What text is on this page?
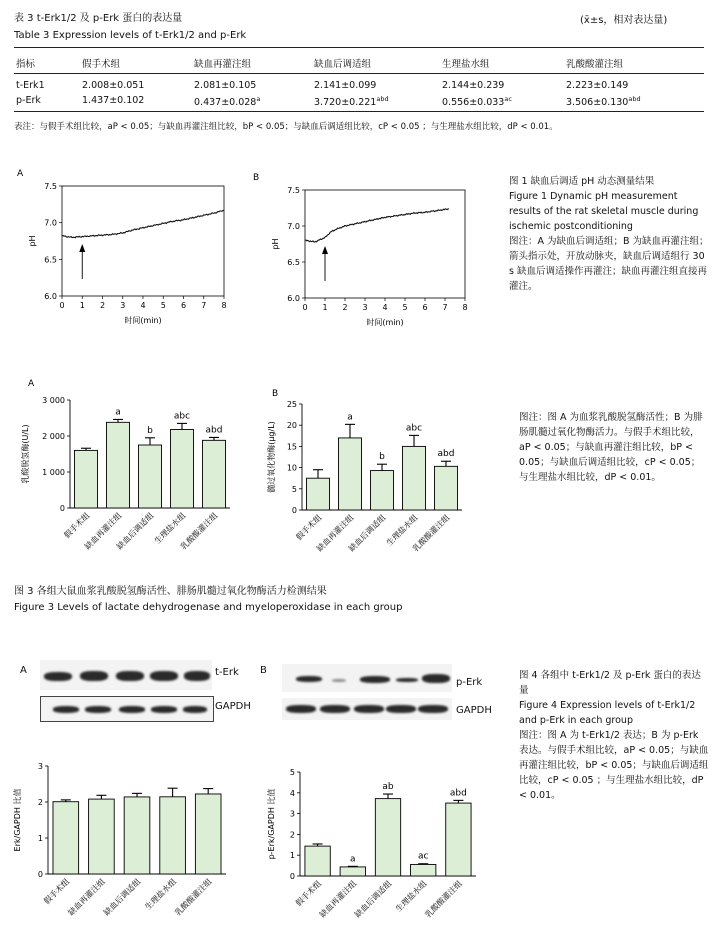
表 3 t-Erk1/2 及 p-Erk 蛋白的表达量
Table 3 Expression levels of t-Erk1/2 and p-Erk
(x̄±s，相对表达量)
指标	假手术组	缺血再灌注组	缺血后调适组	生理盐水组	乳酸酸灌注组
t-Erk1	2.008±0.051	2.081±0.105	2.141±0.099	2.144±0.239	2.223±0.149
p-Erk	1.437±0.102	0.437±0.028$^a$	3.720±0.221$^{abd}$	0.556±0.033$^{ac}$	3.506±0.130$^{abd}$
表注：与假手术组比较，aP < 0.05；与缺血再灌注组比较，bP < 0.05；与缺血后调适组比较，cP < 0.05 ；与生理盐水组比较，dP < 0.01。
A
0 1 2 3 4 5 6 7 8
6.0
6.5
7.0
7.5
时间(min)
pH
B
0 1 2 3 4 5 6 7 8
6.0
6.5
7.0
7.5
时间(min)
pH
图 1 缺血后调适 pH 动态测量结果
Figure 1 Dynamic pH measurement results of the rat skeletal muscle during ischemic postconditioning
图注：A 为缺血后调适组；B 为缺血再灌注组；箭头指示处，开放动脉夹，缺血后调适组行 30 s 缺血后调适操作再灌注；缺血再灌注组直接再灌注。
A
0
1 000
2 000
3 000
乳酸脱氢酶(U/L)
假手术组
a
缺血再灌注组
b
缺血后调适组
abc
生理盐水组
abd
乳酸酸灌注组
B
0
5
10
15
20
25
髓过氧化物酶(μg/L)
假手术组
a
缺血再灌注组
b
缺血后调适组
abc
生理盐水组
abd
乳酸酸灌注组
图注：图 A 为血浆乳酸脱氢酶活性；B 为腓肠肌髓过氧化物酶活力。与假手术组比较，aP < 0.05；与缺血再灌注组比较，bP < 0.05；与缺血后调适组比较，cP < 0.05；与生理盐水组比较，dP < 0.01。
图 3 各组大鼠血浆乳酸脱氢酶活性、腓肠肌髓过氧化物酶活力检测结果
Figure 3 Levels of lactate dehydrogenase and myeloperoxidase in each group
A	B
t-Erk
GAPDH
p-Erk
GAPDH
0
1
2
3
Erk/GAPDH 比值
假手术组
缺血再灌注组
缺血后调适组 生理盐水组
乳酸酸灌注组
0
1
2
3
4
5
p-Erk/GAPDH 比值
假手术组
a
缺血再灌注组
ab
缺血后调适组
ac
生理盐水组
abd
乳酸酸灌注组
图 4 各组中 t-Erk1/2 及 p-Erk 蛋白的表达量
Figure 4 Expression levels of t-Erk1/2 and p-Erk in each group
图注：图 A 为 t-Erk1/2 表达；B 为 p-Erk 表达。与假手术组比较，aP < 0.05；与缺血再灌注组比较，bP < 0.05；与缺血后调适组比较，cP < 0.05 ；与生理盐水组比较，dP < 0.01。
